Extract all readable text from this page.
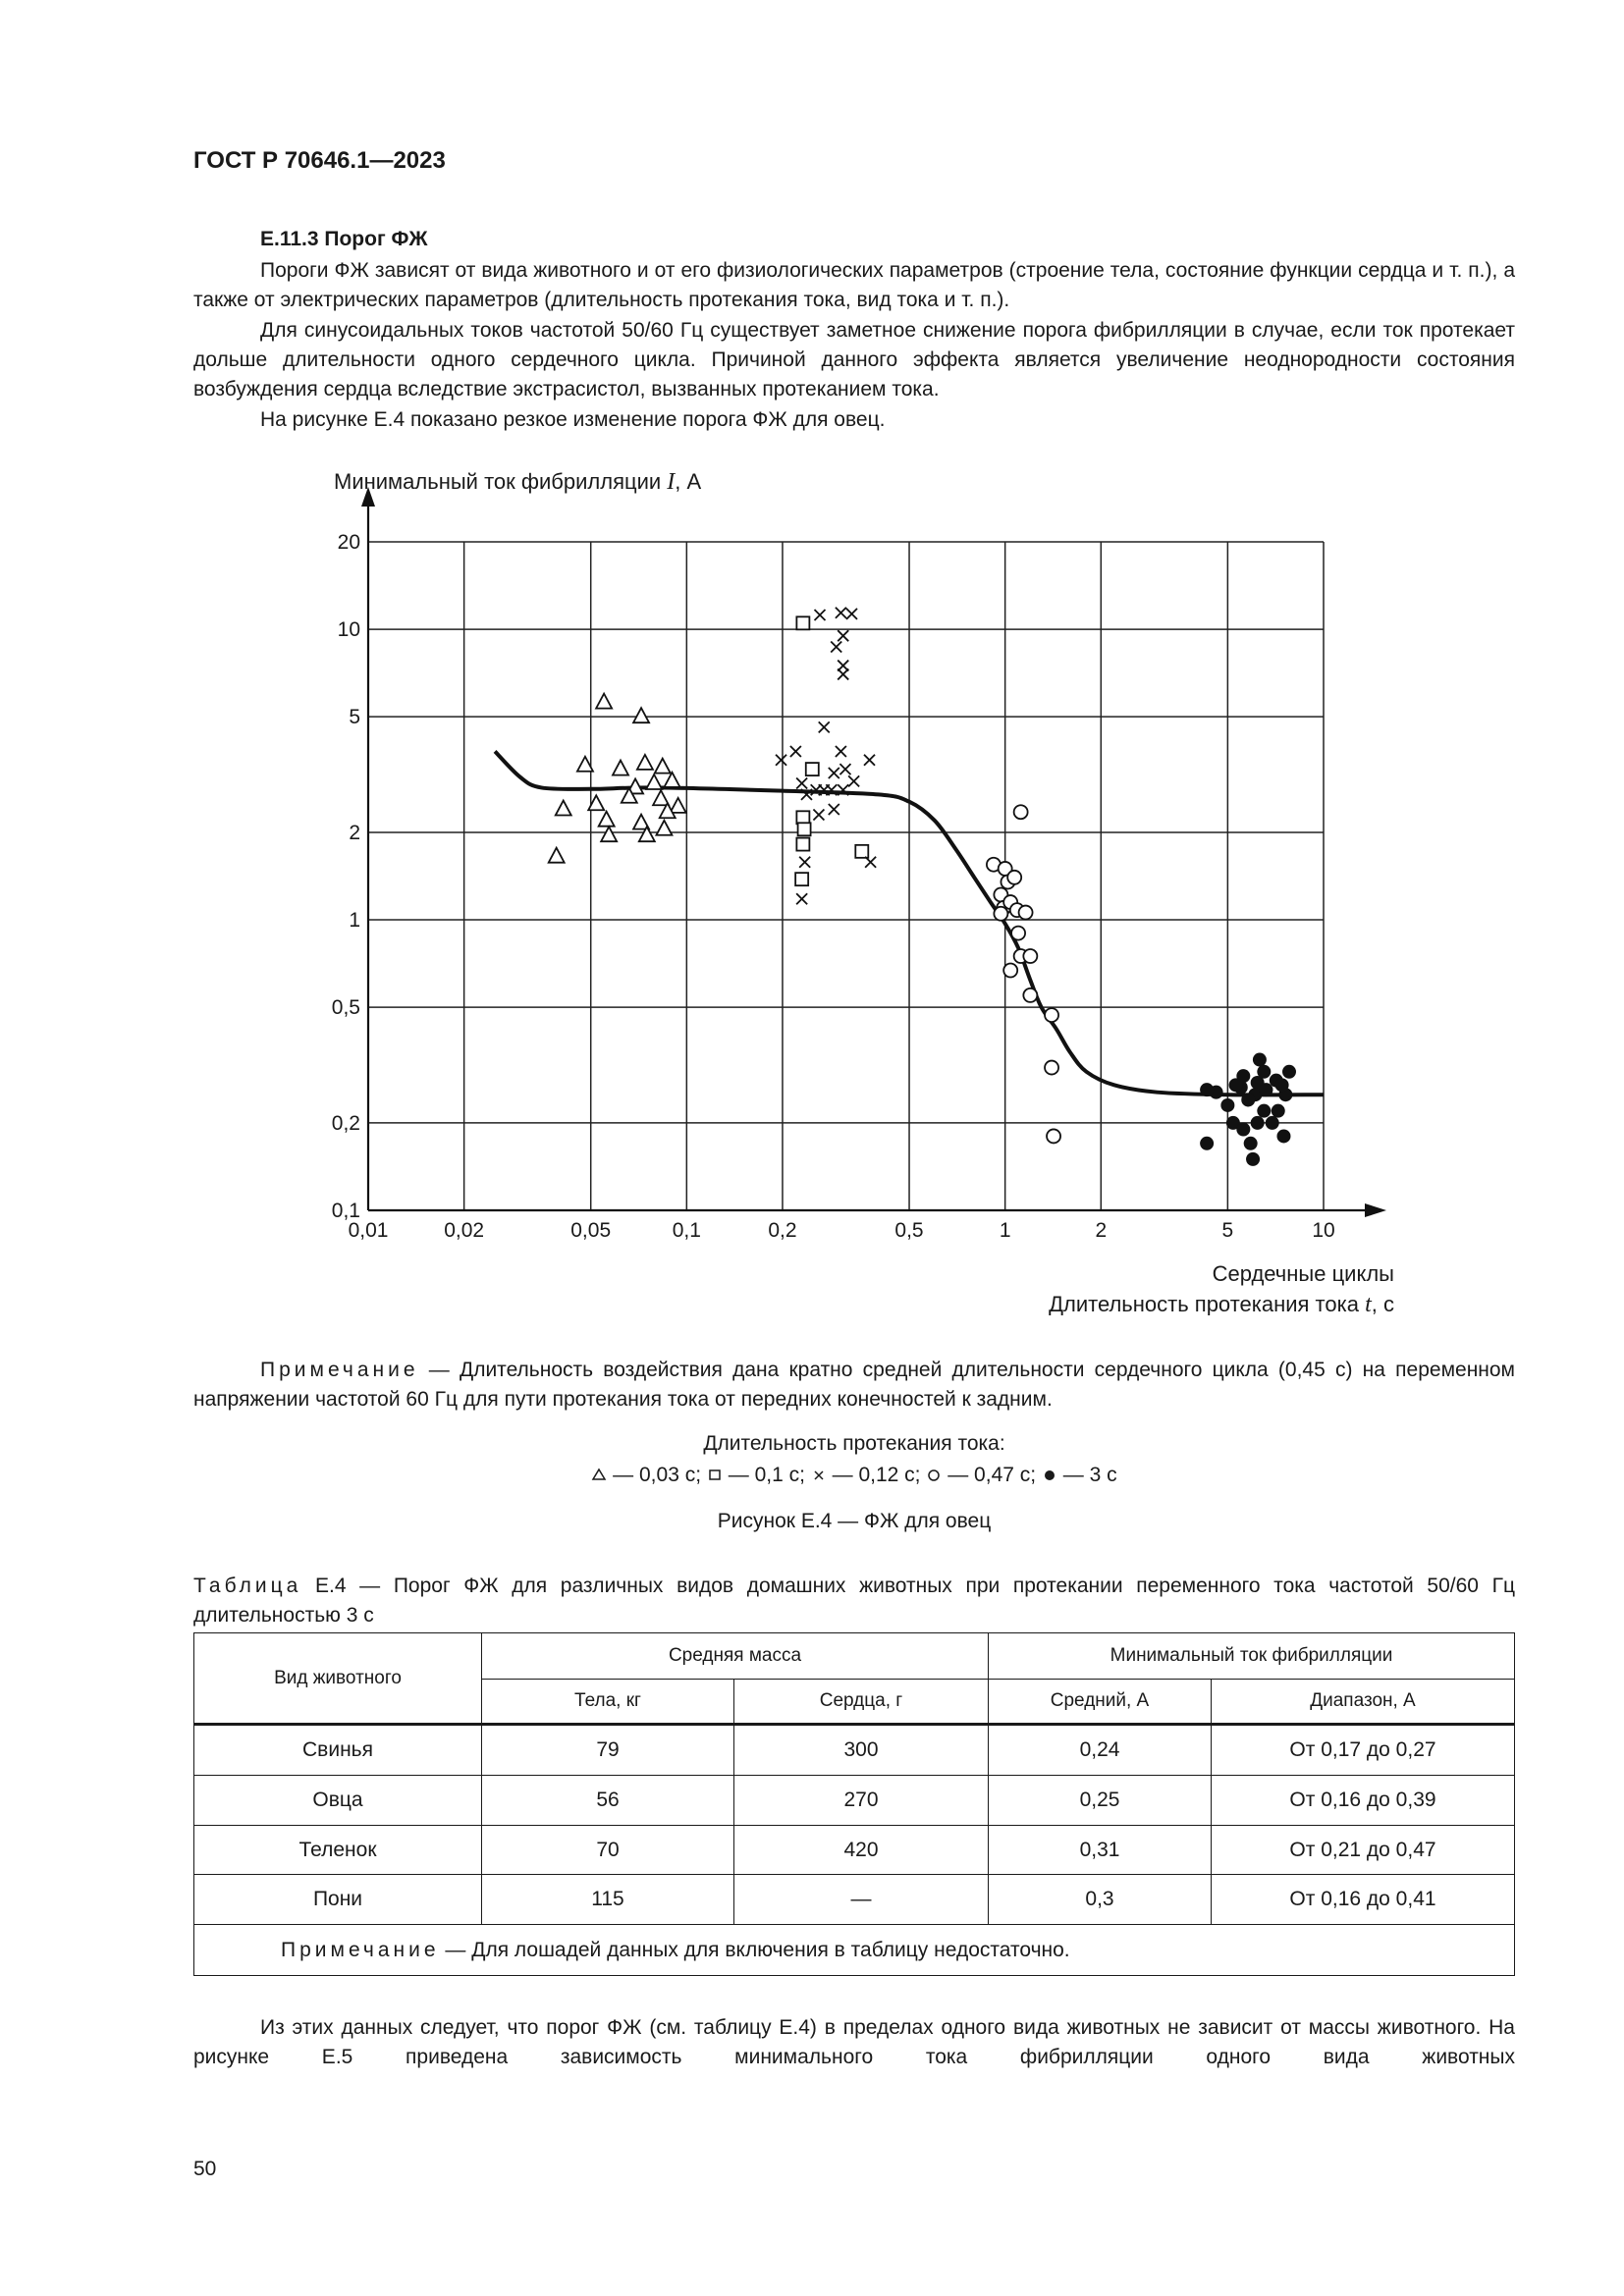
ГОСТ Р 70646.1—2023
Е.11.3 Порог ФЖ
Пороги ФЖ зависят от вида животного и от его физиологических параметров (строение тела, состояние функции сердца и т. п.), а также от электрических параметров (длительность протекания тока, вид тока и т. п.).
Для синусоидальных токов частотой 50/60 Гц существует заметное снижение порога фибрилляции в случае, если ток протекает дольше длительности одного сердечного цикла. Причиной данного эффекта является увеличение неоднородности состояния возбуждения сердца вследствие экстрасистол, вызванных протеканием тока.
На рисунке Е.4 показано резкое изменение порога ФЖ для овец.
0,01	0,02	0,05	0,1	0,2	0,5	1	2	5	10
0,1
0,2
0,5
1
2
5
10
20
Минимальный ток фибрилляции I, А
Сердечные циклы
Длительность протекания тока t, с
Примечание — Длительность воздействия дана кратно средней длительности сердечного цикла (0,45 с) на переменном напряжении частотой 60 Гц для пути протекания тока от передних конечностей к задним.
Длительность протекания тока:
— 0,03 с; — 0,1 с; — 0,12 с; — 0,47 с; — 3 с
Рисунок Е.4 — ФЖ для овец
Таблица Е.4 — Порог ФЖ для различных видов домашних животных при протекании переменного тока частотой 50/60 Гц длительностью 3 с
Вид животного	Средняя масса		Минимальный ток фибрилляции	
	Тела, кг	Сердца, г	Средний, А	Диапазон, А
Свинья	79	300	0,24	От 0,17 до 0,27
Овца	56	270	0,25	От 0,16 до 0,39
Теленок	70	420	0,31	От 0,21 до 0,47
Пони	115	—	0,3	От 0,16 до 0,41
Примечание — Для лошадей данных для включения в таблицу недостаточно.				
Из этих данных следует, что порог ФЖ (см. таблицу Е.4) в пределах одного вида животных не зависит от массы животного. На рисунке Е.5 приведена зависимость минимального тока фибрилляции одного вида животных
50
